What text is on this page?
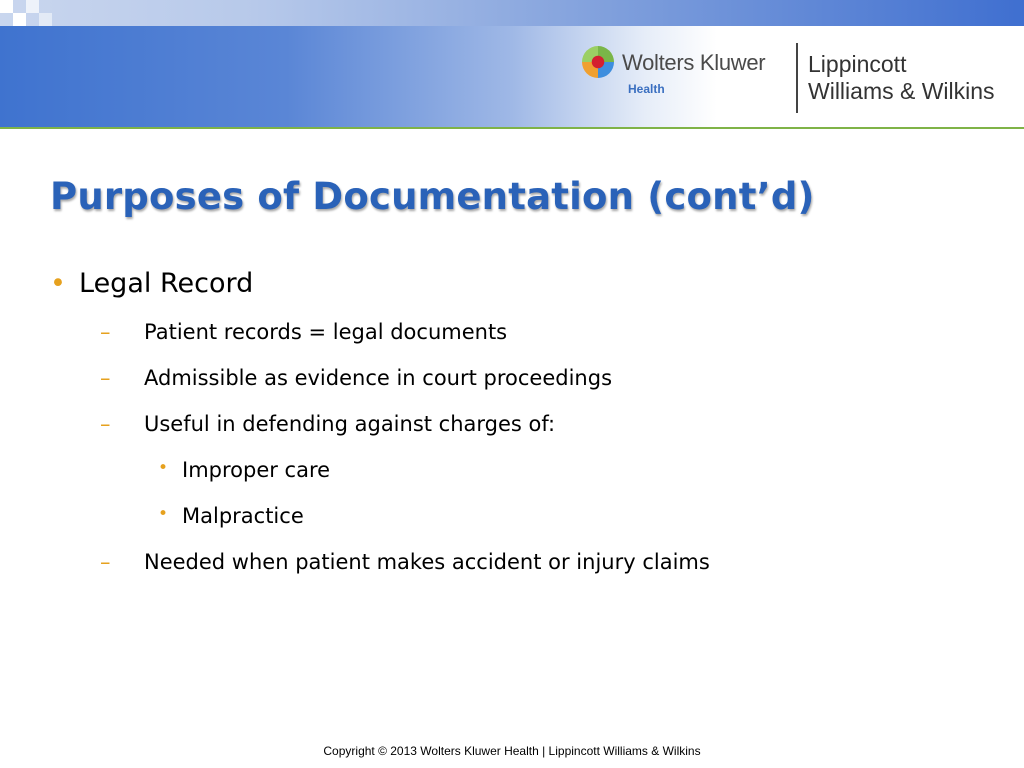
Wolters Kluwer
Health
Lippincott
Williams & Wilkins
Purposes of Documentation (cont’d)
• Legal Record
– Patient records = legal documents
– Admissible as evidence in court proceedings
– Useful in defending against charges of:
• Improper care
• Malpractice
– Needed when patient makes accident or injury claims
Copyright © 2013 Wolters Kluwer Health | Lippincott Williams & Wilkins
